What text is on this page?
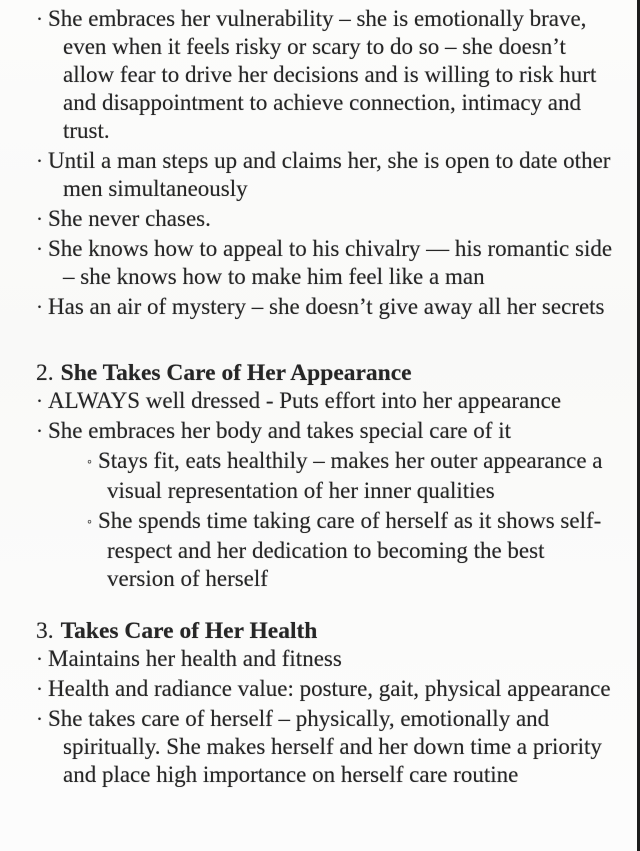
· She embraces her vulnerability – she is emotionally brave, even when it feels risky or scary to do so – she doesn’t allow fear to drive her decisions and is willing to risk hurt and disappointment to achieve connection, intimacy and trust.
· Until a man steps up and claims her, she is open to date other men simultaneously
· She never chases.
· She knows how to appeal to his chivalry — his romantic side – she knows how to make him feel like a man
· Has an air of mystery – she doesn’t give away all her secrets
2. She Takes Care of Her Appearance
· ALWAYS well dressed - Puts effort into her appearance
· She embraces her body and takes special care of it
◦ Stays fit, eats healthily – makes her outer appearance a visual representation of her inner qualities
◦ She spends time taking care of herself as it shows self-respect and her dedication to becoming the best version of herself
3. Takes Care of Her Health
· Maintains her health and fitness
· Health and radiance value: posture, gait, physical appearance
· She takes care of herself – physically, emotionally and spiritually. She makes herself and her down time a priority and place high importance on herself care routine
